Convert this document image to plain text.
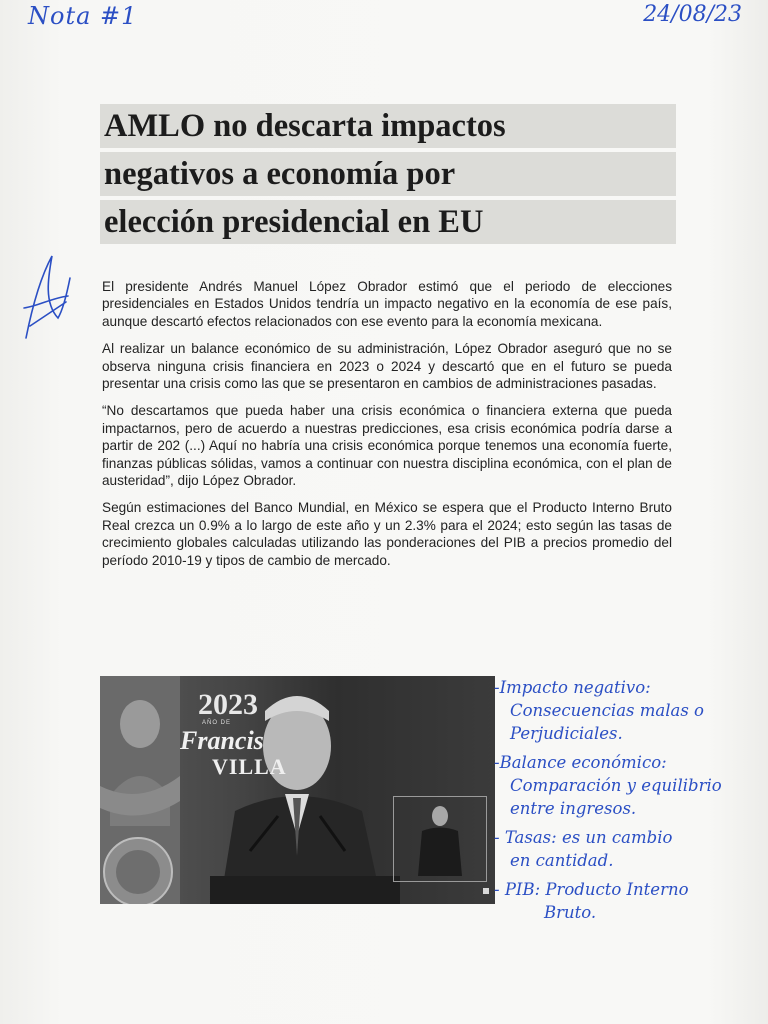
Nota #1	24/08/23
AMLO no descarta impactos
negativos a economía por
elección presidencial en EU

El presidente Andrés Manuel López Obrador estimó que el periodo de elecciones presidenciales en Estados Unidos tendría un impacto negativo en la economía de ese país, aunque descartó efectos relacionados con ese evento para la economía mexicana.

Al realizar un balance económico de su administración, López Obrador aseguró que no se observa ninguna crisis financiera en 2023 o 2024 y descartó que en el futuro se pueda presentar una crisis como las que se presentaron en cambios de administraciones pasadas.

“No descartamos que pueda haber una crisis económica o financiera externa que pueda impactarnos, pero de acuerdo a nuestras predicciones, esa crisis económica podría darse a partir de 202 (...) Aquí no habría una crisis económica porque tenemos una economía fuerte, finanzas públicas sólidas, vamos a continuar con nuestra disciplina económica, con el plan de austeridad”, dijo López Obrador.

Según estimaciones del Banco Mundial, en México se espera que el Producto Interno Bruto Real crezca un 0.9% a lo largo de este año y un 2.3% para el 2024; esto según las tasas de crecimiento globales calculadas utilizando las ponderaciones del PIB a precios promedio del período 2010-19 y tipos de cambio de mercado.

2023
AÑO DE
Francis
VILLA
-Impacto negativo:
Consecuencias malas o
Perjudiciales.
-Balance económico:
Comparación y equilibrio
entre ingresos.
- Tasas: es un cambio
en cantidad.
- PIB: Producto Interno
Bruto.
